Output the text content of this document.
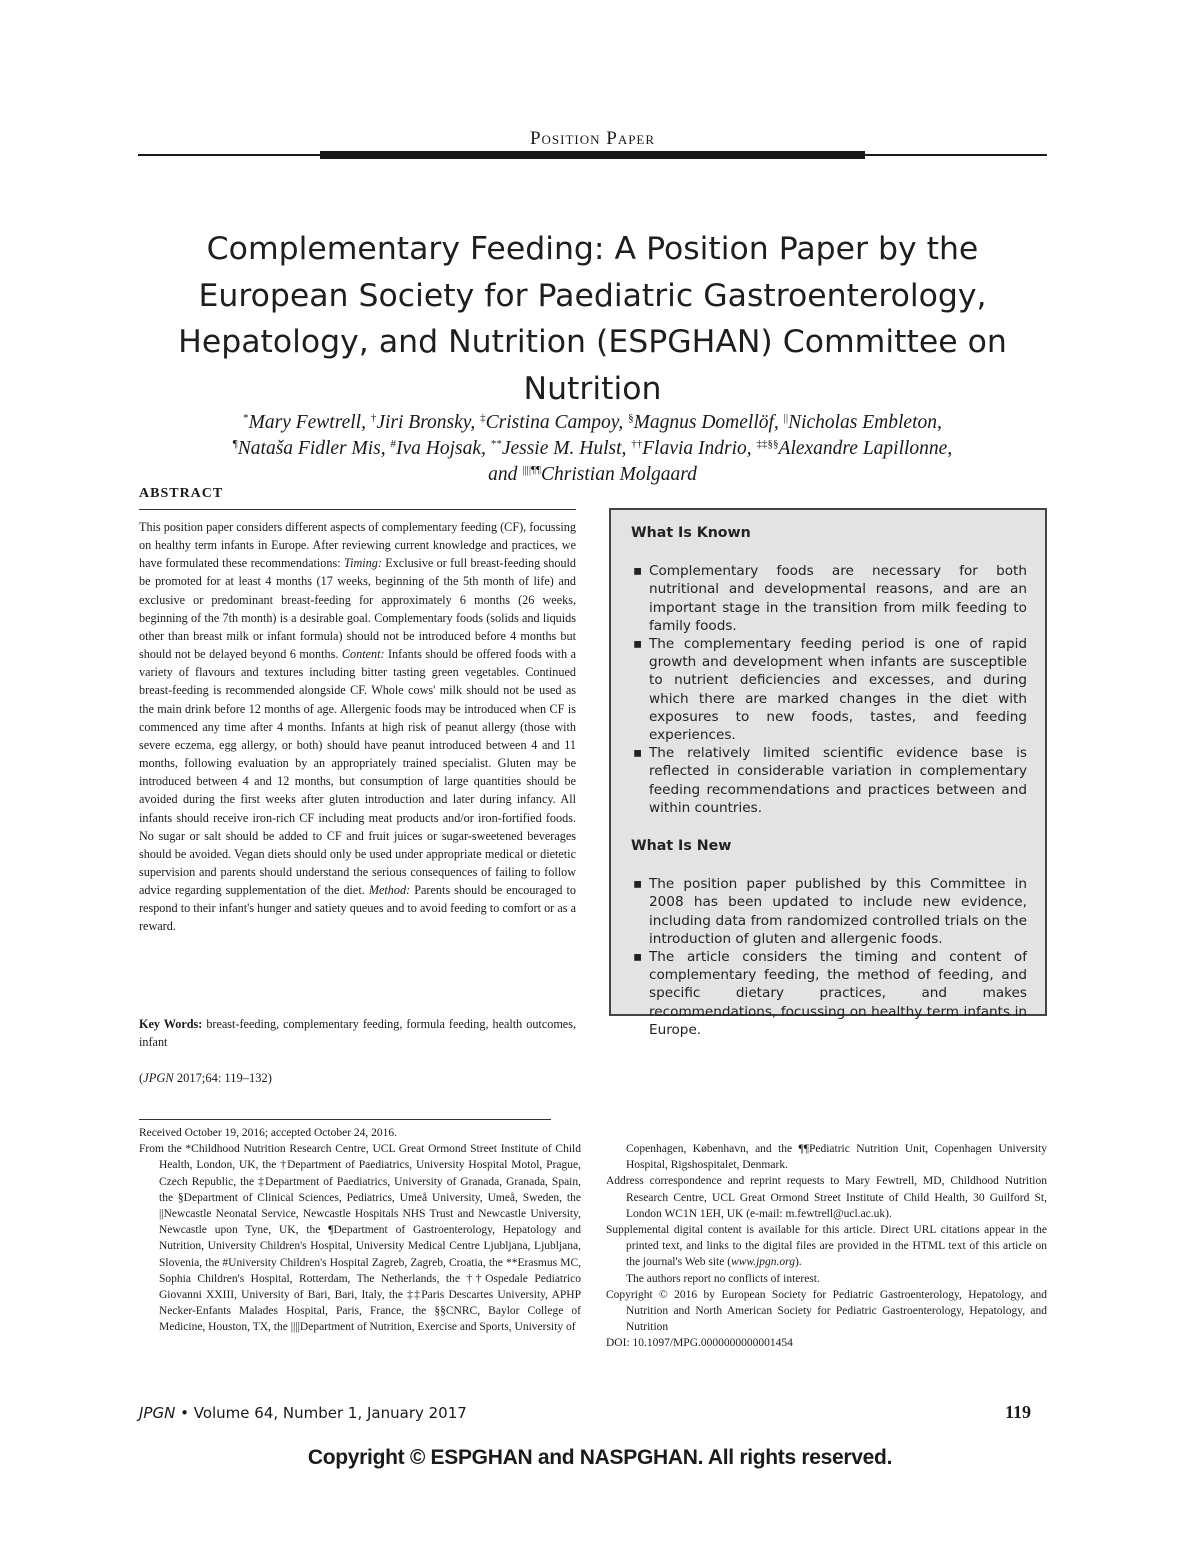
Position Paper
Complementary Feeding: A Position Paper by the European Society for Paediatric Gastroenterology, Hepatology, and Nutrition (ESPGHAN) Committee on Nutrition
*Mary Fewtrell, †Jiri Bronsky, ‡Cristina Campoy, §Magnus Domellöf, ||Nicholas Embleton,
¶Nataša Fidler Mis, #Iva Hojsak, **Jessie M. Hulst, ††Flavia Indrio, ‡‡§§Alexandre Lapillonne,
and ||||¶¶Christian Molgaard
ABSTRACT

This position paper considers different aspects of complementary feeding (CF), focussing on healthy term infants in Europe. After reviewing current knowledge and practices, we have formulated these recommendations: Timing: Exclusive or full breast-feeding should be promoted for at least 4 months (17 weeks, beginning of the 5th month of life) and exclusive or predominant breast-feeding for approximately 6 months (26 weeks, beginning of the 7th month) is a desirable goal. Complementary foods (solids and liquids other than breast milk or infant formula) should not be introduced before 4 months but should not be delayed beyond 6 months. Content: Infants should be offered foods with a variety of flavours and textures including bitter tasting green vegetables. Continued breast-feeding is recommended alongside CF. Whole cows' milk should not be used as the main drink before 12 months of age. Allergenic foods may be introduced when CF is commenced any time after 4 months. Infants at high risk of peanut allergy (those with severe eczema, egg allergy, or both) should have peanut introduced between 4 and 11 months, following evaluation by an appropriately trained specialist. Gluten may be introduced between 4 and 12 months, but consumption of large quantities should be avoided during the first weeks after gluten introduction and later during infancy. All infants should receive iron-rich CF including meat products and/or iron-fortified foods. No sugar or salt should be added to CF and fruit juices or sugar-sweetened beverages should be avoided. Vegan diets should only be used under appropriate medical or dietetic supervision and parents should understand the serious consequences of failing to follow advice regarding supplementation of the diet. Method: Parents should be encouraged to respond to their infant's hunger and satiety queues and to avoid feeding to comfort or as a reward.

Key Words: breast-feeding, complementary feeding, formula feeding, health outcomes, infant

(JPGN 2017;64: 119–132)
What Is Known
▪ Complementary foods are necessary for both nutritional and developmental reasons, and are an important stage in the transition from milk feeding to family foods.
▪ The complementary feeding period is one of rapid growth and development when infants are susceptible to nutrient deficiencies and excesses, and during which there are marked changes in the diet with exposures to new foods, tastes, and feeding experiences.
▪ The relatively limited scientific evidence base is reflected in considerable variation in complementary feeding recommendations and practices between and within countries.
What Is New
▪ The position paper published by this Committee in 2008 has been updated to include new evidence, including data from randomized controlled trials on the introduction of gluten and allergenic foods.
▪ The article considers the timing and content of complementary feeding, the method of feeding, and specific dietary practices, and makes recommendations, focussing on healthy term infants in Europe.

Received October 19, 2016; accepted October 24, 2016.

From the *Childhood Nutrition Research Centre, UCL Great Ormond Street Institute of Child Health, London, UK, the †Department of Paediatrics, University Hospital Motol, Prague, Czech Republic, the ‡Department of Paediatrics, University of Granada, Granada, Spain, the §Department of Clinical Sciences, Pediatrics, Umeå University, Umeå, Sweden, the ||Newcastle Neonatal Service, Newcastle Hospitals NHS Trust and Newcastle University, Newcastle upon Tyne, UK, the ¶Department of Gastroenterology, Hepatology and Nutrition, University Children's Hospital, University Medical Centre Ljubljana, Ljubljana, Slovenia, the #University Children's Hospital Zagreb, Zagreb, Croatia, the **Erasmus MC, Sophia Children's Hospital, Rotterdam, The Netherlands, the ††Ospedale Pediatrico Giovanni XXIII, University of Bari, Bari, Italy, the ‡‡Paris Descartes University, APHP Necker-Enfants Malades Hospital, Paris, France, the §§CNRC, Baylor College of Medicine, Houston, TX, the ||||Department of Nutrition, Exercise and Sports, University of

Copenhagen, København, and the ¶¶Pediatric Nutrition Unit, Copenhagen University Hospital, Rigshospitalet, Denmark.

Address correspondence and reprint requests to Mary Fewtrell, MD, Childhood Nutrition Research Centre, UCL Great Ormond Street Institute of Child Health, 30 Guilford St, London WC1N 1EH, UK (e-mail: m.fewtrell@ucl.ac.uk).

Supplemental digital content is available for this article. Direct URL citations appear in the printed text, and links to the digital files are provided in the HTML text of this article on the journal's Web site (www.jpgn.org).

The authors report no conflicts of interest.

Copyright © 2016 by European Society for Pediatric Gastroenterology, Hepatology, and Nutrition and North American Society for Pediatric Gastroenterology, Hepatology, and Nutrition

DOI: 10.1097/MPG.0000000000001454

JPGN • Volume 64, Number 1, January 2017	119
Copyright © ESPGHAN and NASPGHAN. All rights reserved.
